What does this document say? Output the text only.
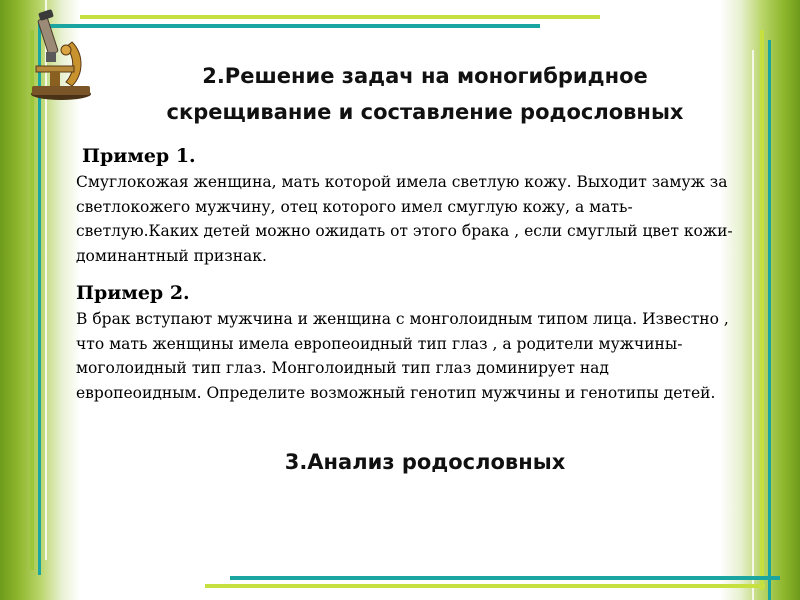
2.Решение задач на моногибридное
скрещивание и составление родословных
Пример 1.

Смуглокожая женщина, мать которой имела светлую кожу. Выходит замуж за светлокожего мужчину, отец которого имел смуглую кожу, а мать- светлую.Каких детей можно ожидать от этого брака , если смуглый цвет кожи- доминантный признак.

Пример 2.

В брак вступают мужчина и женщина с монголоидным типом лица. Известно , что мать женщины имела европеоидный тип глаз , а родители мужчины- моголоидный тип глаз. Монголоидный тип глаз доминирует над европеоидным. Определите возможный генотип мужчины и генотипы детей.

3.Анализ родословных
